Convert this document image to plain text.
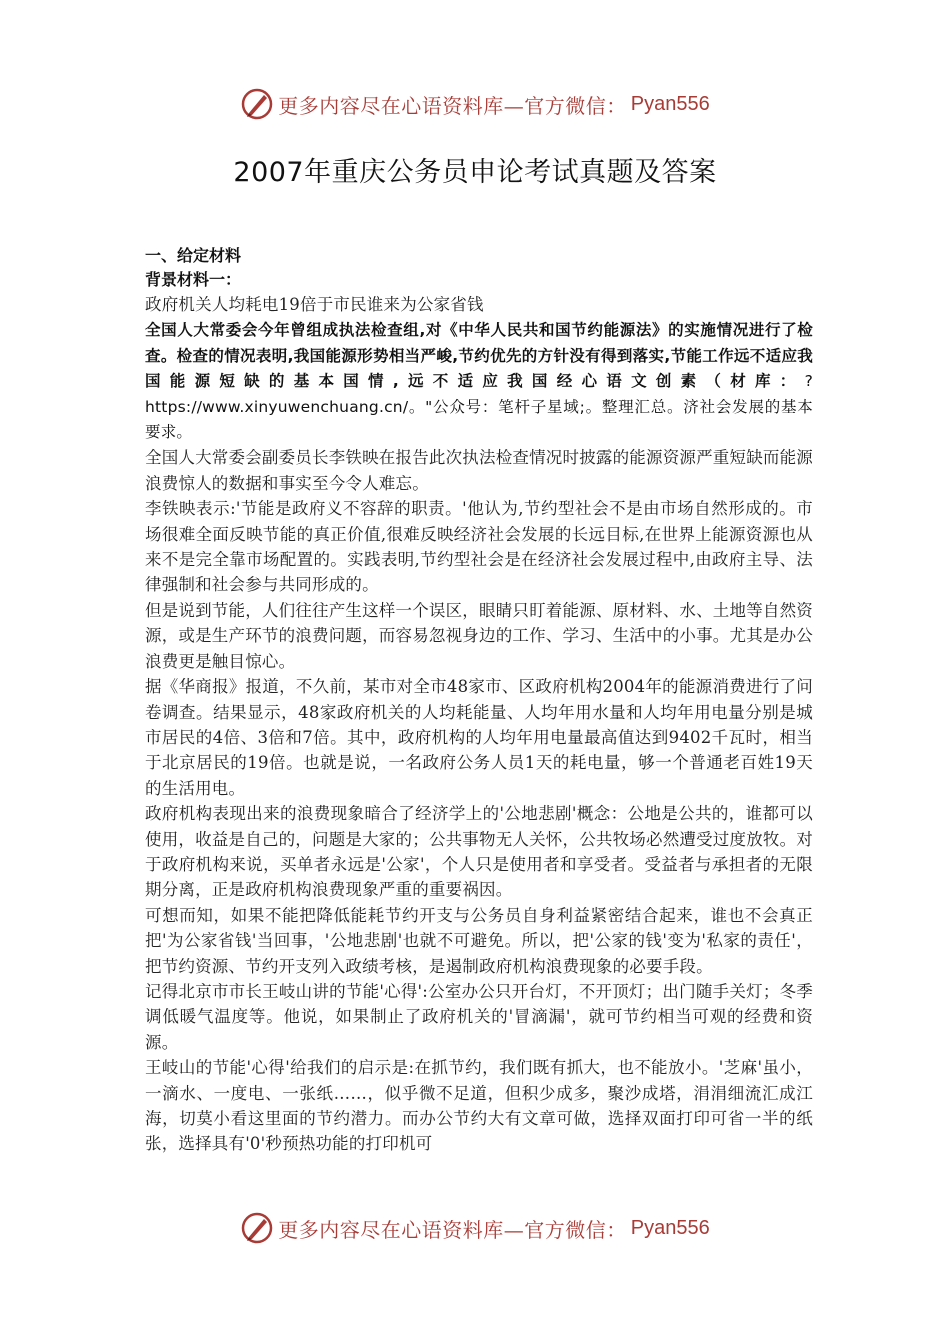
更多内容尽在心语资料库—官方微信： Pyan556
2007年重庆公务员申论考试真题及答案
一、给定材料
背景材料一：

政府机关人均耗电19倍于市民谁来为公家省钱

全国人大常委会今年曾组成执法检查组,对《中华人民共和国节约能源法》的实施情况进行了检查。检查的情况表明,我国能源形势相当严峻,节约优先的方针没有得到落实,节能工作远不适应我国能源短缺的基本国情,远不适应我国经心语文创素（材库：?https://www.xinyuwenchuang.cn/。"公众号：笔杆子星域;。整理汇总。济社会发展的基本要求。

全国人大常委会副委员长李铁映在报告此次执法检查情况时披露的能源资源严重短缺而能源浪费惊人的数据和事实至今令人难忘。

李铁映表示:'节能是政府义不容辞的职责。'他认为,节约型社会不是由市场自然形成的。市场很难全面反映节能的真正价值,很难反映经济社会发展的长远目标,在世界上能源资源也从来不是完全靠市场配置的。实践表明,节约型社会是在经济社会发展过程中,由政府主导、法律强制和社会参与共同形成的。

但是说到节能，人们往往产生这样一个误区，眼睛只盯着能源、原材料、水、土地等自然资源，或是生产环节的浪费问题，而容易忽视身边的工作、学习、生活中的小事。尤其是办公浪费更是触目惊心。

据《华商报》报道，不久前，某市对全市48家市、区政府机构2004年的能源消费进行了问卷调查。结果显示，48家政府机关的人均耗能量、人均年用水量和人均年用电量分别是城市居民的4倍、3倍和7倍。其中，政府机构的人均年用电量最高值达到9402千瓦时，相当于北京居民的19倍。也就是说，一名政府公务人员1天的耗电量，够一个普通老百姓19天的生活用电。

政府机构表现出来的浪费现象暗合了经济学上的'公地悲剧'概念：公地是公共的，谁都可以使用，收益是自己的，问题是大家的；公共事物无人关怀，公共牧场必然遭受过度放牧。对于政府机构来说，买单者永远是'公家'，个人只是使用者和享受者。受益者与承担者的无限期分离，正是政府机构浪费现象严重的重要祸因。

可想而知，如果不能把降低能耗节约开支与公务员自身利益紧密结合起来，谁也不会真正把'为公家省钱'当回事，'公地悲剧'也就不可避免。所以，把'公家的钱'变为'私家的责任'，把节约资源、节约开支列入政绩考核，是遏制政府机构浪费现象的必要手段。

记得北京市市长王岐山讲的节能'心得':公室办公只开台灯，不开顶灯；出门随手关灯；冬季调低暖气温度等。他说，如果制止了政府机关的'冒滴漏'，就可节约相当可观的经费和资源。

王岐山的节能'心得'给我们的启示是:在抓节约，我们既有抓大，也不能放小。'芝麻'虽小，一滴水、一度电、一张纸……，似乎微不足道，但积少成多，聚沙成塔，涓涓细流汇成江海，切莫小看这里面的节约潜力。而办公节约大有文章可做，选择双面打印可省一半的纸张，选择具有'0'秒预热功能的打印机可

更多内容尽在心语资料库—官方微信： Pyan556
